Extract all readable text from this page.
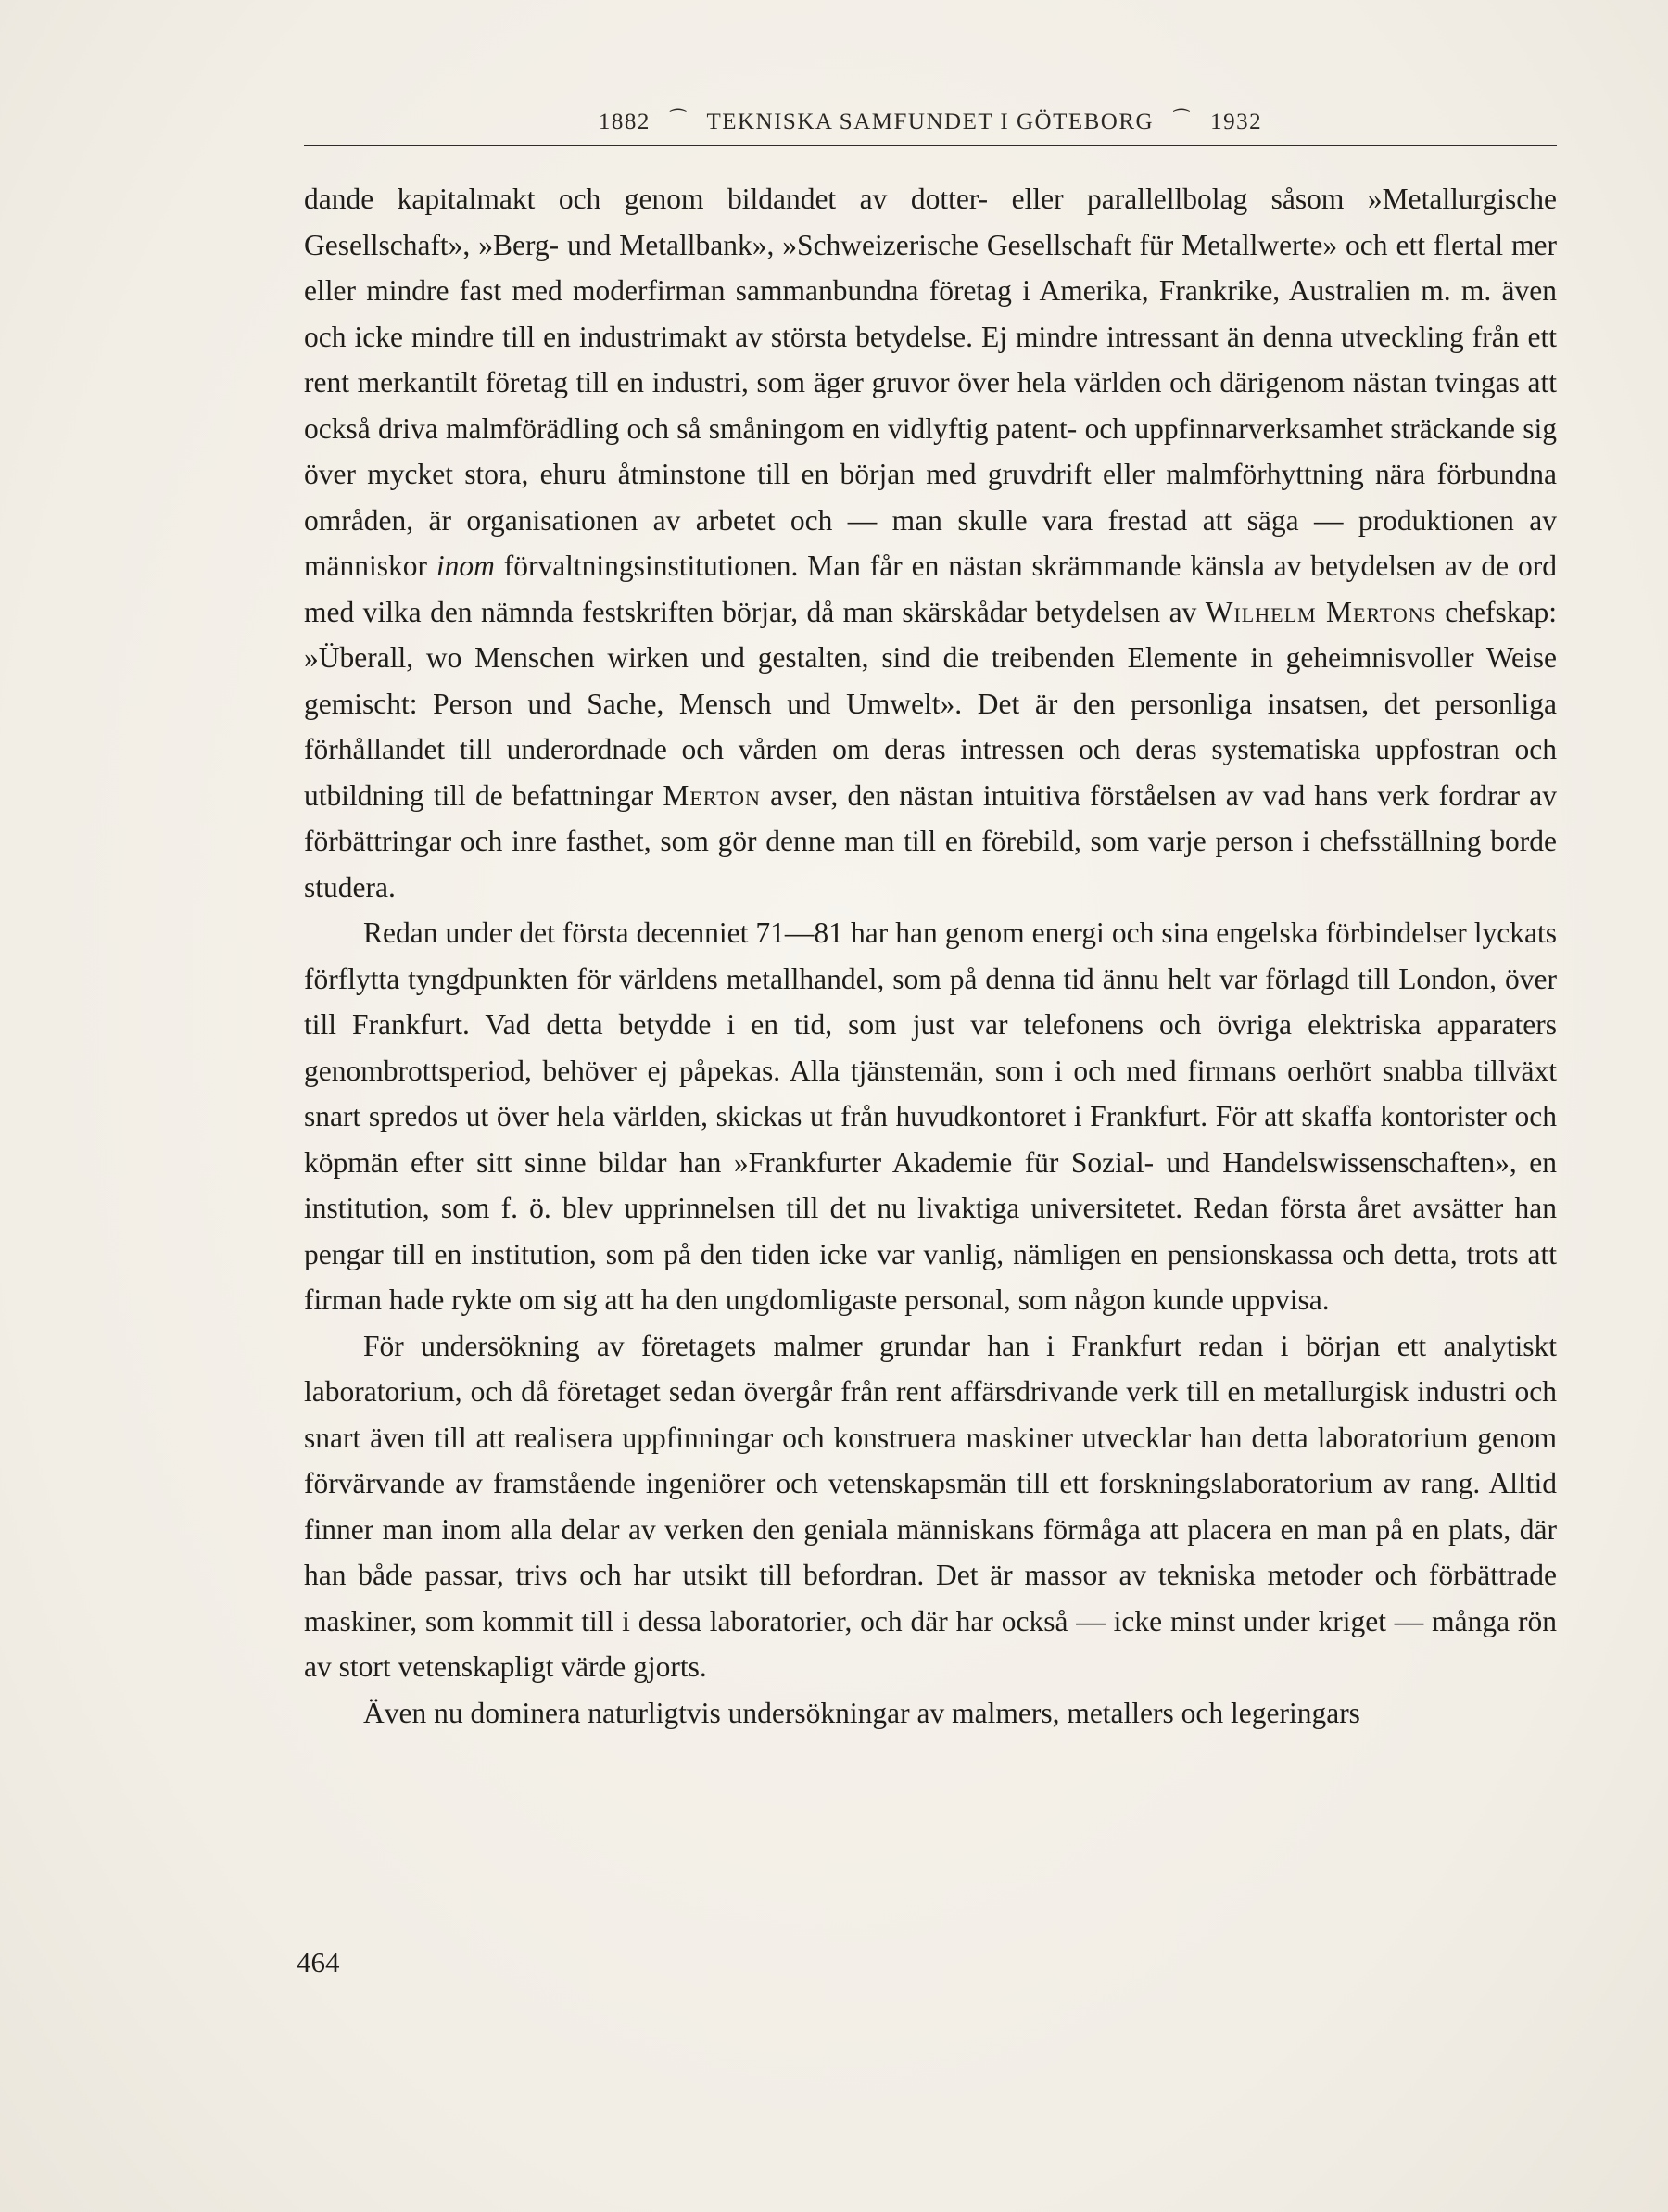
1882 ⁀ TEKNISKA SAMFUNDET I GÖTEBORG ⁀ 1932

dande kapitalmakt och genom bildandet av dotter- eller parallellbolag såsom »Metallurgische Gesellschaft», »Berg- und Metallbank», »Schweizerische Gesellschaft für Metallwerte» och ett flertal mer eller mindre fast med moderfirman sammanbundna företag i Amerika, Frankrike, Australien m. m. även och icke mindre till en industrimakt av största betydelse. Ej mindre intressant än denna utveckling från ett rent merkantilt företag till en industri, som äger gruvor över hela världen och därigenom nästan tvingas att också driva malmförädling och så småningom en vidlyftig patent- och uppfinnarverksamhet sträckande sig över mycket stora, ehuru åtminstone till en början med gruvdrift eller malmförhyttning nära förbundna områden, är organisationen av arbetet och — man skulle vara frestad att säga — produktionen av människor inom förvaltningsinstitutionen. Man får en nästan skrämmande känsla av betydelsen av de ord med vilka den nämnda festskriften börjar, då man skärskådar betydelsen av Wilhelm Mertons chefskap: »Überall, wo Menschen wirken und gestalten, sind die treibenden Elemente in geheimnisvoller Weise gemischt: Person und Sache, Mensch und Umwelt». Det är den personliga insatsen, det personliga förhållandet till underordnade och vården om deras intressen och deras systematiska uppfostran och utbildning till de befattningar Merton avser, den nästan intuitiva förståelsen av vad hans verk fordrar av förbättringar och inre fasthet, som gör denne man till en förebild, som varje person i chefsställning borde studera.

Redan under det första decenniet 71—81 har han genom energi och sina engelska förbindelser lyckats förflytta tyngdpunkten för världens metallhandel, som på denna tid ännu helt var förlagd till London, över till Frankfurt. Vad detta betydde i en tid, som just var telefonens och övriga elektriska apparaters genombrottsperiod, behöver ej påpekas. Alla tjänstemän, som i och med firmans oerhört snabba tillväxt snart spredos ut över hela världen, skickas ut från huvudkontoret i Frankfurt. För att skaffa kontorister och köpmän efter sitt sinne bildar han »Frankfurter Akademie für Sozial- und Handelswissenschaften», en institution, som f. ö. blev upprinnelsen till det nu livaktiga universitetet. Redan första året avsätter han pengar till en institution, som på den tiden icke var vanlig, nämligen en pensionskassa och detta, trots att firman hade rykte om sig att ha den ungdomligaste personal, som någon kunde uppvisa.

För undersökning av företagets malmer grundar han i Frankfurt redan i början ett analytiskt laboratorium, och då företaget sedan övergår från rent affärsdrivande verk till en metallurgisk industri och snart även till att realisera uppfinningar och konstruera maskiner utvecklar han detta laboratorium genom förvärvande av framstående ingeniörer och vetenskapsmän till ett forskningslaboratorium av rang. Alltid finner man inom alla delar av verken den geniala människans förmåga att placera en man på en plats, där han både passar, trivs och har utsikt till befordran. Det är massor av tekniska metoder och förbättrade maskiner, som kommit till i dessa laboratorier, och där har också — icke minst under kriget — många rön av stort vetenskapligt värde gjorts.

Även nu dominera naturligtvis undersökningar av malmers, metallers och legeringars

464
